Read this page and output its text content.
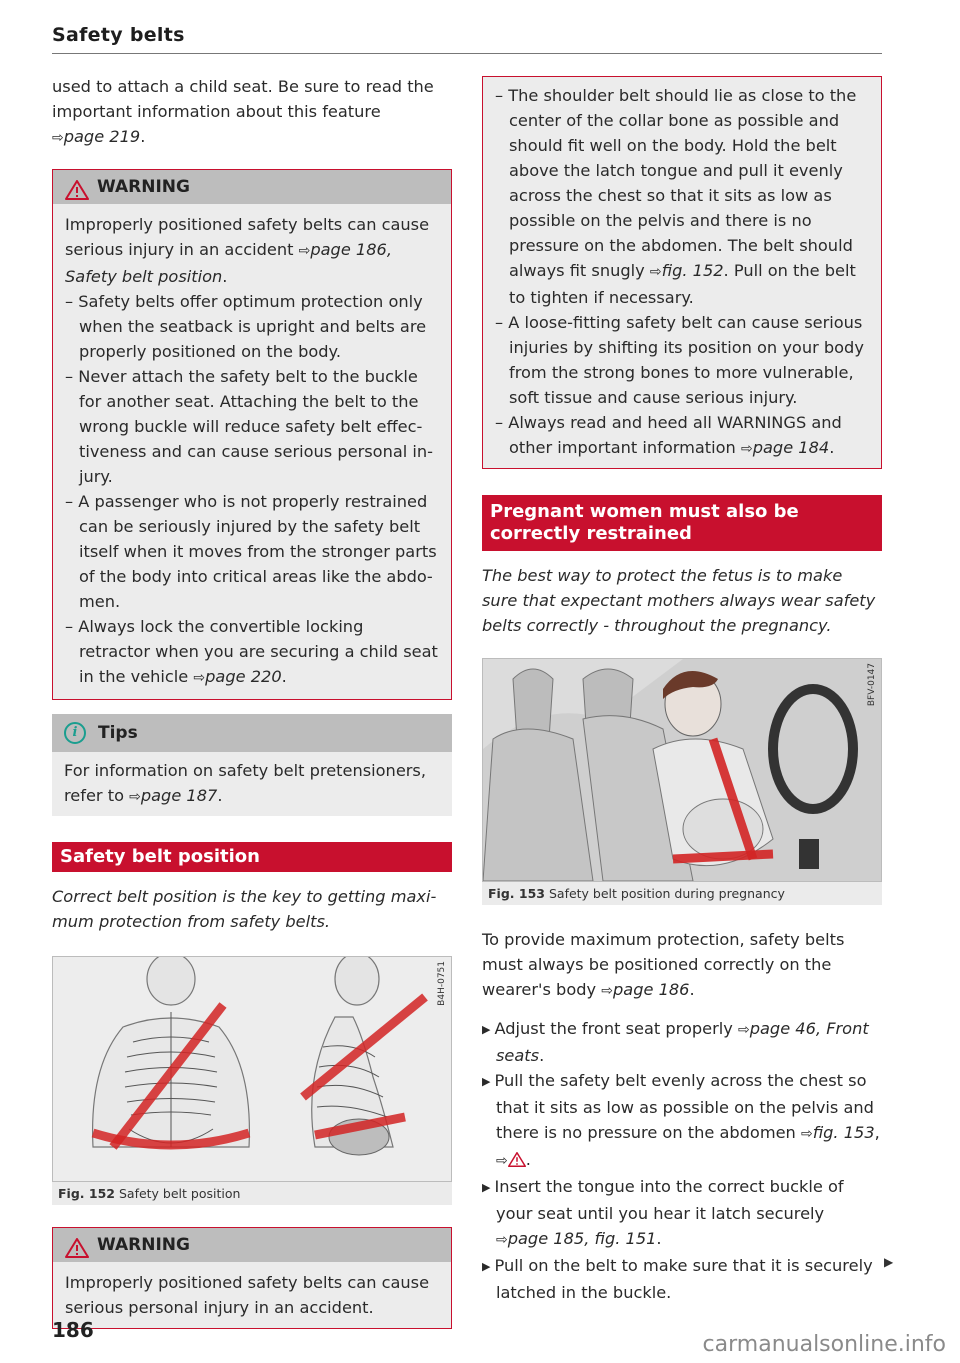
Safety belts

used to attach a child seat. Be sure to read the important information about this feature ⇨page 219.

WARNING

Improperly positioned safety belts can cause serious injury in an accident ⇨page 186, Safety belt position.

– Safety belts offer optimum protection only when the seatback is upright and belts are properly positioned on the body.
– Never attach the safety belt to the buckle for another seat. Attaching the belt to the wrong buckle will reduce safety belt effectiveness and can cause serious personal injury.
– A passenger who is not properly restrained can be seriously injured by the safety belt itself when it moves from the stronger parts of the body into critical areas like the abdomen.
– Always lock the convertible locking retractor when you are securing a child seat in the vehicle ⇨page 220.
i	Tips

For information on safety belt pretensioners, refer to ⇨page 187.

Safety belt position

Correct belt position is the key to getting maximum protection from safety belts.

B4H-0751
Fig. 152 Safety belt position
WARNING

Improperly positioned safety belts can cause serious personal injury in an accident.

– The shoulder belt should lie as close to the center of the collar bone as possible and should fit well on the body. Hold the belt above the latch tongue and pull it evenly across the chest so that it sits as low as possible on the pelvis and there is no pressure on the abdomen. The belt should always fit snugly ⇨fig. 152. Pull on the belt to tighten if necessary.
– A loose-fitting safety belt can cause serious injuries by shifting its position on your body from the strong bones to more vulnerable, soft tissue and cause serious injury.
– Always read and heed all WARNINGS and other important information ⇨page 184.
Pregnant women must also be correctly restrained

The best way to protect the fetus is to make sure that expectant mothers always wear safety belts correctly - throughout the pregnancy.

BFV-0147
Fig. 153 Safety belt position during pregnancy

To provide maximum protection, safety belts must always be positioned correctly on the wearer's body ⇨page 186.

▶ Adjust the front seat properly ⇨page 46, Front seats.
▶ Pull the safety belt evenly across the chest so that it sits as low as possible on the pelvis and there is no pressure on the abdomen ⇨fig. 153, ⇨ .
▶ Insert the tongue into the correct buckle of your seat until you hear it latch securely ⇨page 185, fig. 151.
▶ Pull on the belt to make sure that it is securely latched in the buckle.
▶
186
carmanualsonline.info
